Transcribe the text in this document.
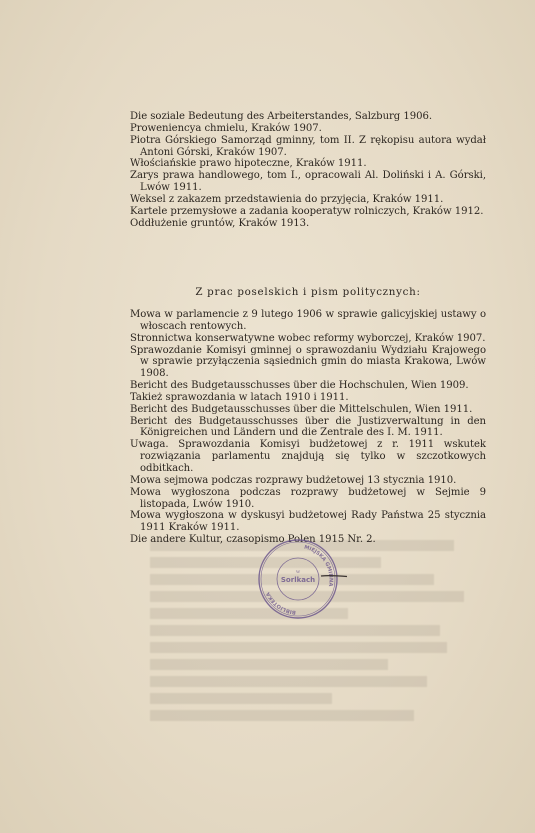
Die soziale Bedeutung des Arbeiterstandes, Salzburg 1906.
Proweniencya chmielu, Kraków 1907.
Piotra Górskiego Samorząd gminny, tom II. Z rękopisu autora wydał Antoni Górski, Kraków 1907.
Włościańskie prawo hipoteczne, Kraków 1911.
Zarys prawa handlowego, tom I., opracowali Al. Doliński i A. Górski, Lwów 1911.
Weksel z zakazem przedstawienia do przyjęcia, Kraków 1911.
Kartele przemysłowe a zadania kooperatyw rolniczych, Kraków 1912.
Oddłużenie gruntów, Kraków 1913.
Z prac poselskich i pism politycznych:
Mowa w parlamencie z 9 lutego 1906 w sprawie galicyjskiej ustawy o włoscach rentowych.
Stronnictwa konserwatywne wobec reformy wyborczej, Kraków 1907.
Sprawozdanie Komisyi gminnej o sprawozdaniu Wydziału Krajowego w sprawie przyłączenia sąsiednich gmin do miasta Krakowa, Lwów 1908.
Bericht des Budgetausschusses über die Hochschulen, Wien 1909.
Takież sprawozdania w latach 1910 i 1911.
Bericht des Budgetausschusses über die Mittelschulen, Wien 1911.
Bericht des Budgetausschusses über die Justizverwaltung in den Königreichen und Ländern und die Zentrale des I. M. 1911.
Uwaga. Sprawozdania Komisyi budżetowej z r. 1911 wskutek rozwiązania parlamentu znajdują się tylko w szczotkowych odbitkach.
Mowa sejmowa podczas rozprawy budżetowej 13 stycznia 1910.
Mowa wygłoszona podczas rozprawy budżetowej w Sejmie 9 listopada, Lwów 1910.
Mowa wygłoszona w dyskusyi budżetowej Rady Państwa 25 stycznia 1911 Kraków 1911.
Die andere Kultur, czasopismo Polen 1915 Nr. 2.
BIBLIOTEKA
MIEJSKA GMINNA
Sorlkach
w
